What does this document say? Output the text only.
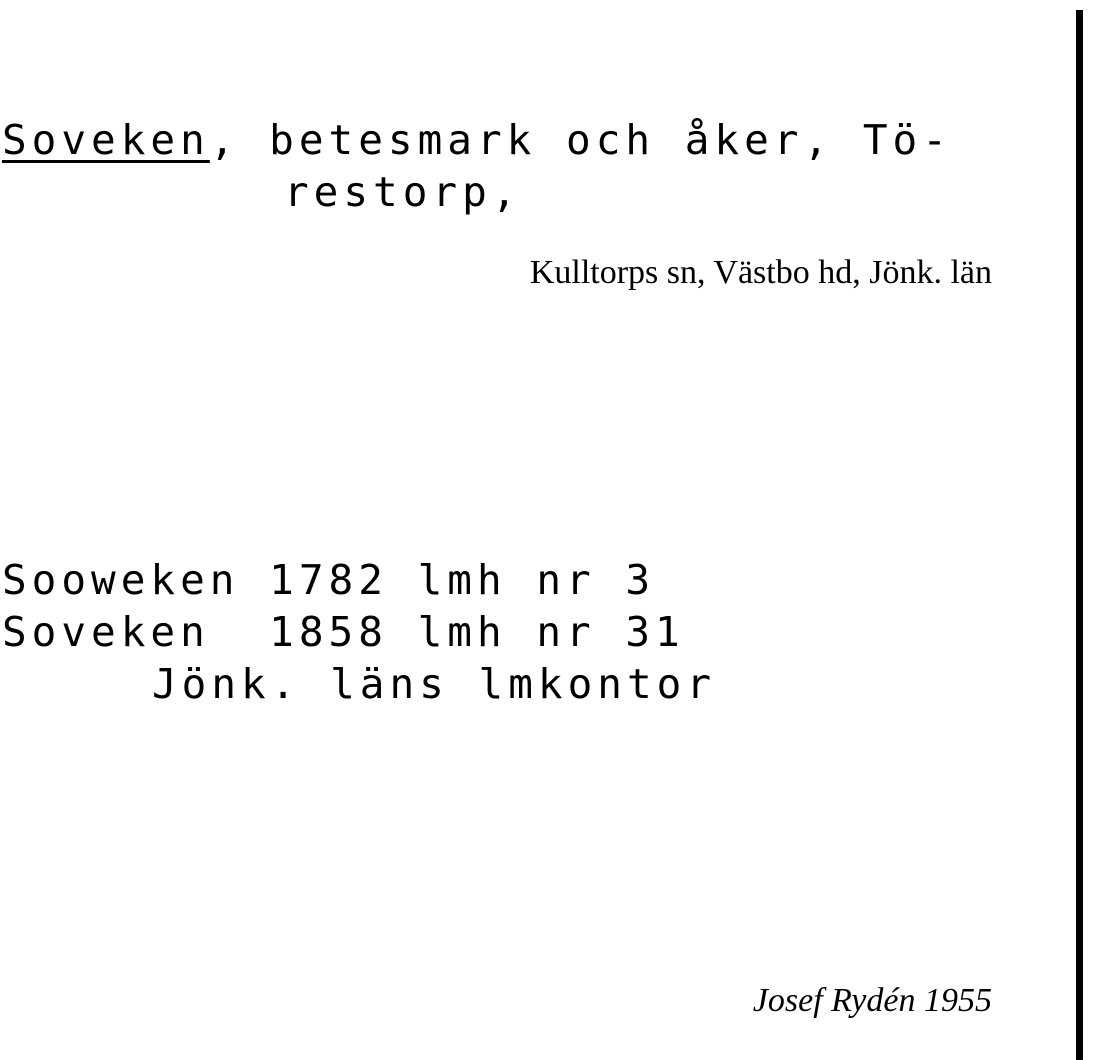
Soveken, betesmark och åker, Tö-
restorp,
Kulltorps sn, Västbo hd, Jönk. län
Sooweken 1782 lmh nr 3
Soveken  1858 lmh nr 31
Jönk. läns lmkontor
Josef Rydén 1955
